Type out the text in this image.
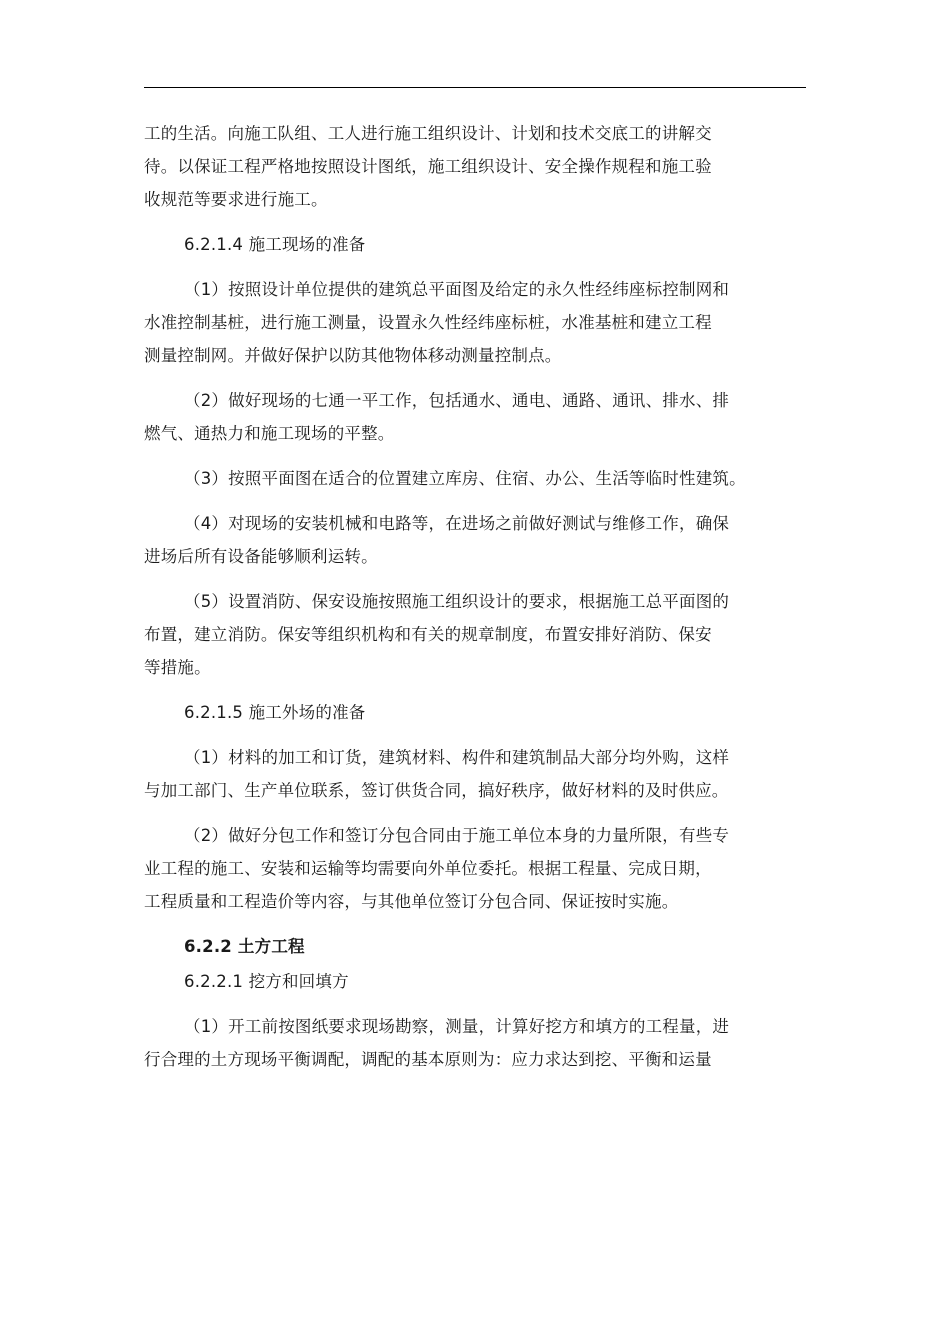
工的生活。向施工队组、工人进行施工组织设计、计划和技术交底工的讲解交
待。以保证工程严格地按照设计图纸，施工组织设计、安全操作规程和施工验
收规范等要求进行施工。

6.2.1.4 施工现场的准备

（1）按照设计单位提供的建筑总平面图及给定的永久性经纬座标控制网和
水准控制基桩，进行施工测量，设置永久性经纬座标桩，水准基桩和建立工程
测量控制网。并做好保护以防其他物体移动测量控制点。

（2）做好现场的七通一平工作，包括通水、通电、通路、通讯、排水、排
燃气、通热力和施工现场的平整。

（3）按照平面图在适合的位置建立库房、住宿、办公、生活等临时性建筑。

（4）对现场的安装机械和电路等，在进场之前做好测试与维修工作，确保
进场后所有设备能够顺利运转。

（5）设置消防、保安设施按照施工组织设计的要求，根据施工总平面图的
布置，建立消防。保安等组织机构和有关的规章制度，布置安排好消防、保安
等措施。

6.2.1.5 施工外场的准备

（1）材料的加工和订货，建筑材料、构件和建筑制品大部分均外购，这样
与加工部门、生产单位联系，签订供货合同，搞好秩序，做好材料的及时供应。

（2）做好分包工作和签订分包合同由于施工单位本身的力量所限，有些专
业工程的施工、安装和运输等均需要向外单位委托。根据工程量、完成日期，
工程质量和工程造价等内容，与其他单位签订分包合同、保证按时实施。

6.2.2 土方工程

6.2.2.1 挖方和回填方

（1）开工前按图纸要求现场勘察，测量，计算好挖方和填方的工程量，进
行合理的土方现场平衡调配，调配的基本原则为：应力求达到挖、平衡和运量
